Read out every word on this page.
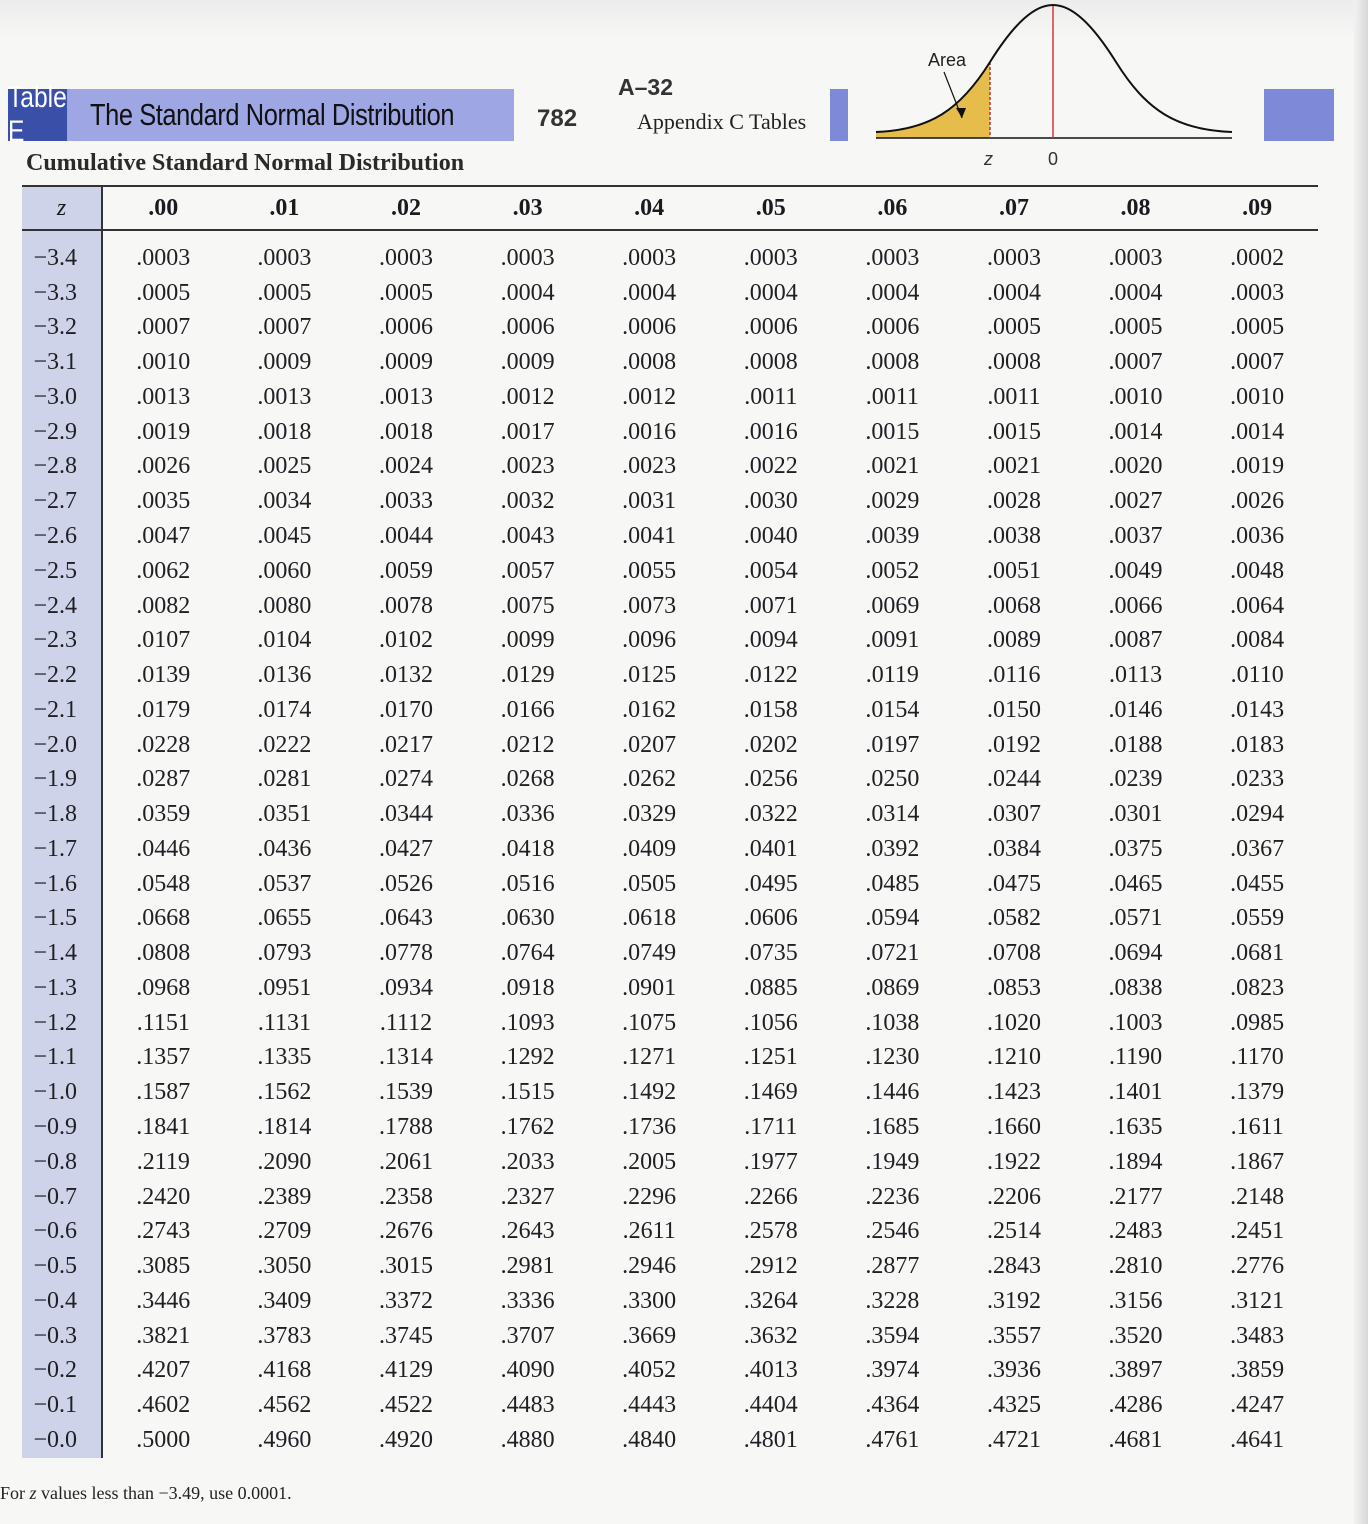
Table E	The Standard Normal Distribution	782
A–32
Appendix C Tables
Area
z	0
Cumulative Standard Normal Distribution
z	.00	.01	.02	.03	.04	.05	.06	.07	.08	.09
−3.4	.0003	.0003	.0003	.0003	.0003	.0003	.0003	.0003	.0003	.0002
−3.3	.0005	.0005	.0005	.0004	.0004	.0004	.0004	.0004	.0004	.0003
−3.2	.0007	.0007	.0006	.0006	.0006	.0006	.0006	.0005	.0005	.0005
−3.1	.0010	.0009	.0009	.0009	.0008	.0008	.0008	.0008	.0007	.0007
−3.0	.0013	.0013	.0013	.0012	.0012	.0011	.0011	.0011	.0010	.0010
−2.9	.0019	.0018	.0018	.0017	.0016	.0016	.0015	.0015	.0014	.0014
−2.8	.0026	.0025	.0024	.0023	.0023	.0022	.0021	.0021	.0020	.0019
−2.7	.0035	.0034	.0033	.0032	.0031	.0030	.0029	.0028	.0027	.0026
−2.6	.0047	.0045	.0044	.0043	.0041	.0040	.0039	.0038	.0037	.0036
−2.5	.0062	.0060	.0059	.0057	.0055	.0054	.0052	.0051	.0049	.0048
−2.4	.0082	.0080	.0078	.0075	.0073	.0071	.0069	.0068	.0066	.0064
−2.3	.0107	.0104	.0102	.0099	.0096	.0094	.0091	.0089	.0087	.0084
−2.2	.0139	.0136	.0132	.0129	.0125	.0122	.0119	.0116	.0113	.0110
−2.1	.0179	.0174	.0170	.0166	.0162	.0158	.0154	.0150	.0146	.0143
−2.0	.0228	.0222	.0217	.0212	.0207	.0202	.0197	.0192	.0188	.0183
−1.9	.0287	.0281	.0274	.0268	.0262	.0256	.0250	.0244	.0239	.0233
−1.8	.0359	.0351	.0344	.0336	.0329	.0322	.0314	.0307	.0301	.0294
−1.7	.0446	.0436	.0427	.0418	.0409	.0401	.0392	.0384	.0375	.0367
−1.6	.0548	.0537	.0526	.0516	.0505	.0495	.0485	.0475	.0465	.0455
−1.5	.0668	.0655	.0643	.0630	.0618	.0606	.0594	.0582	.0571	.0559
−1.4	.0808	.0793	.0778	.0764	.0749	.0735	.0721	.0708	.0694	.0681
−1.3	.0968	.0951	.0934	.0918	.0901	.0885	.0869	.0853	.0838	.0823
−1.2	.1151	.1131	.1112	.1093	.1075	.1056	.1038	.1020	.1003	.0985
−1.1	.1357	.1335	.1314	.1292	.1271	.1251	.1230	.1210	.1190	.1170
−1.0	.1587	.1562	.1539	.1515	.1492	.1469	.1446	.1423	.1401	.1379
−0.9	.1841	.1814	.1788	.1762	.1736	.1711	.1685	.1660	.1635	.1611
−0.8	.2119	.2090	.2061	.2033	.2005	.1977	.1949	.1922	.1894	.1867
−0.7	.2420	.2389	.2358	.2327	.2296	.2266	.2236	.2206	.2177	.2148
−0.6	.2743	.2709	.2676	.2643	.2611	.2578	.2546	.2514	.2483	.2451
−0.5	.3085	.3050	.3015	.2981	.2946	.2912	.2877	.2843	.2810	.2776
−0.4	.3446	.3409	.3372	.3336	.3300	.3264	.3228	.3192	.3156	.3121
−0.3	.3821	.3783	.3745	.3707	.3669	.3632	.3594	.3557	.3520	.3483
−0.2	.4207	.4168	.4129	.4090	.4052	.4013	.3974	.3936	.3897	.3859
−0.1	.4602	.4562	.4522	.4483	.4443	.4404	.4364	.4325	.4286	.4247
−0.0	.5000	.4960	.4920	.4880	.4840	.4801	.4761	.4721	.4681	.4641
For z values less than −3.49, use 0.0001.
